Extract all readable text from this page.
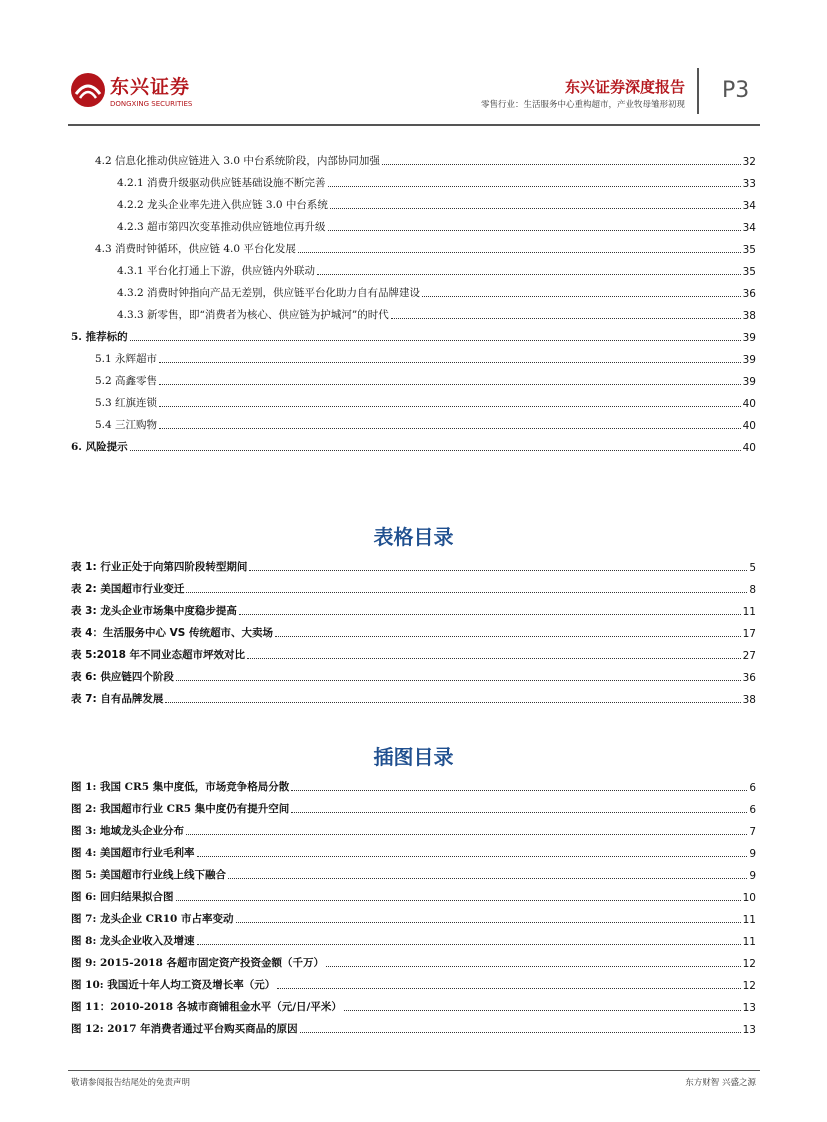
东兴证券
DONGXING SECURITIES
东兴证券深度报告
零售行业：生活服务中心重构超市，产业牧母雏形初现
P3
4.2 信息化推动供应链进入 3.0 中台系统阶段，内部协同加强	32
4.2.1 消费升级驱动供应链基础设施不断完善	33
4.2.2 龙头企业率先进入供应链 3.0 中台系统	34
4.2.3 超市第四次变革推动供应链地位再升级	34
4.3 消费时钟循环，供应链 4.0 平台化发展	35
4.3.1 平台化打通上下游，供应链内外联动	35
4.3.2 消费时钟指向产品无差别，供应链平台化助力自有品牌建设	36
4.3.3 新零售，即“消费者为核心、供应链为护城河”的时代	38
5. 推荐标的	39
5.1 永辉超市	39
5.2 高鑫零售	39
5.3 红旗连锁	40
5.4 三江购物	40
6. 风险提示	40
表格目录
表 1: 行业正处于向第四阶段转型期间	5
表 2: 美国超市行业变迁	8
表 3: 龙头企业市场集中度稳步提高	11
表 4：生活服务中心 VS 传统超市、大卖场	17
表 5:2018 年不同业态超市坪效对比	27
表 6: 供应链四个阶段	36
表 7: 自有品牌发展	38
插图目录
图 1: 我国 CR5 集中度低，市场竞争格局分散	6
图 2: 我国超市行业 CR5 集中度仍有提升空间	6
图 3: 地域龙头企业分布	7
图 4: 美国超市行业毛利率	9
图 5: 美国超市行业线上线下融合	9
图 6: 回归结果拟合图	10
图 7: 龙头企业 CR10 市占率变动	11
图 8: 龙头企业收入及增速	11
图 9: 2015-2018 各超市固定资产投资金额（千万）	12
图 10: 我国近十年人均工资及增长率（元）	12
图 11：2010-2018 各城市商铺租金水平（元/日/平米）	13
图 12: 2017 年消费者通过平台购买商品的原因	13
敬请参阅报告结尾处的免责声明	东方财智 兴盛之源
